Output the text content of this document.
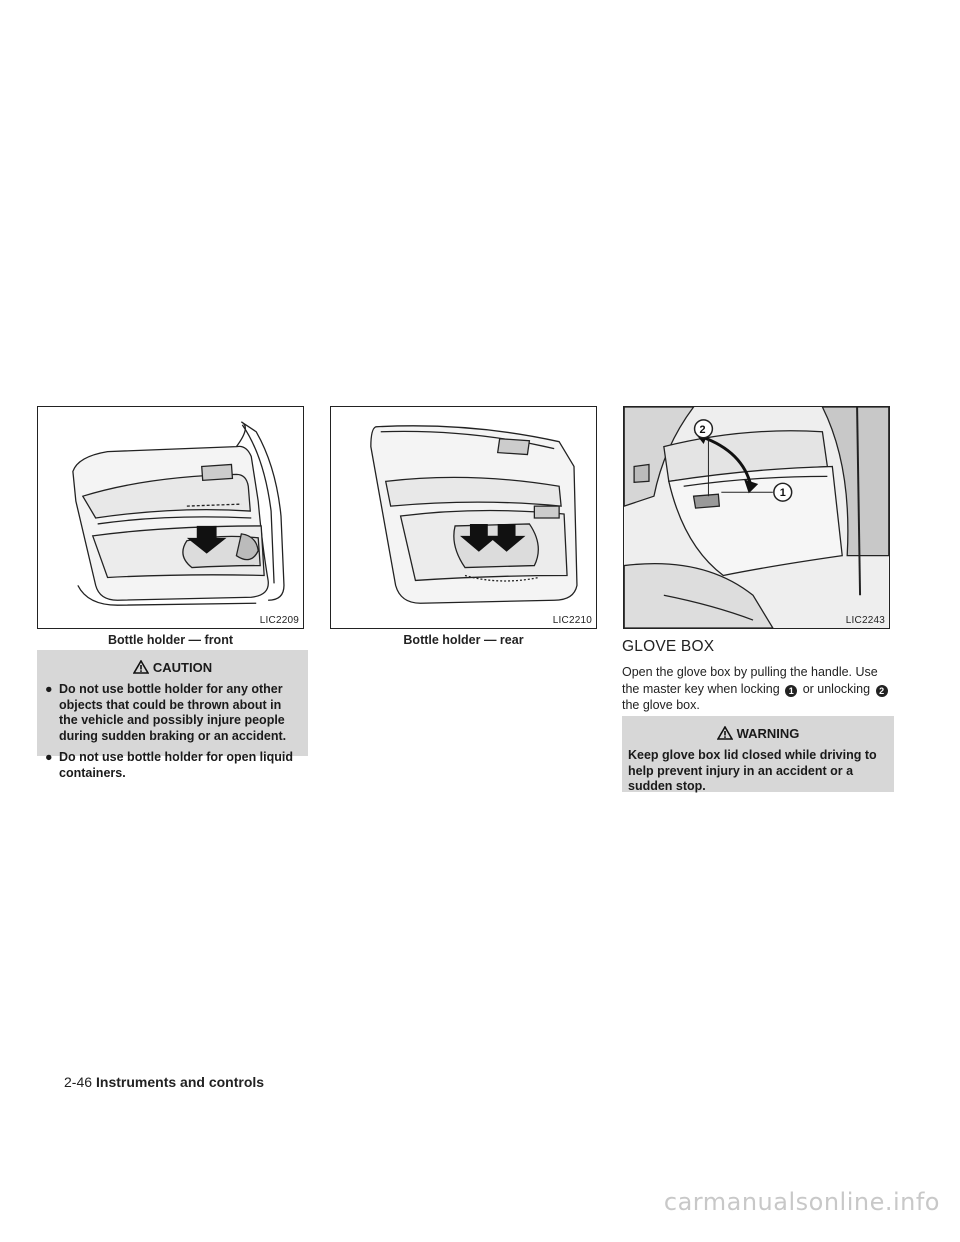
LIC2209
Bottle holder — front
LIC2210
Bottle holder — rear
2
1
LIC2243
CAUTION
● Do not use bottle holder for any other objects that could be thrown about in the vehicle and possibly injure people during sudden braking or an accident.
● Do not use bottle holder for open liquid containers.
GLOVE BOX
Open the glove box by pulling the handle. Use the master key when locking 1 or unlocking 2 the glove box.
WARNING
Keep glove box lid closed while driving to help prevent injury in an accident or a sudden stop.
2-46 Instruments and controls
carmanualsonline.info
